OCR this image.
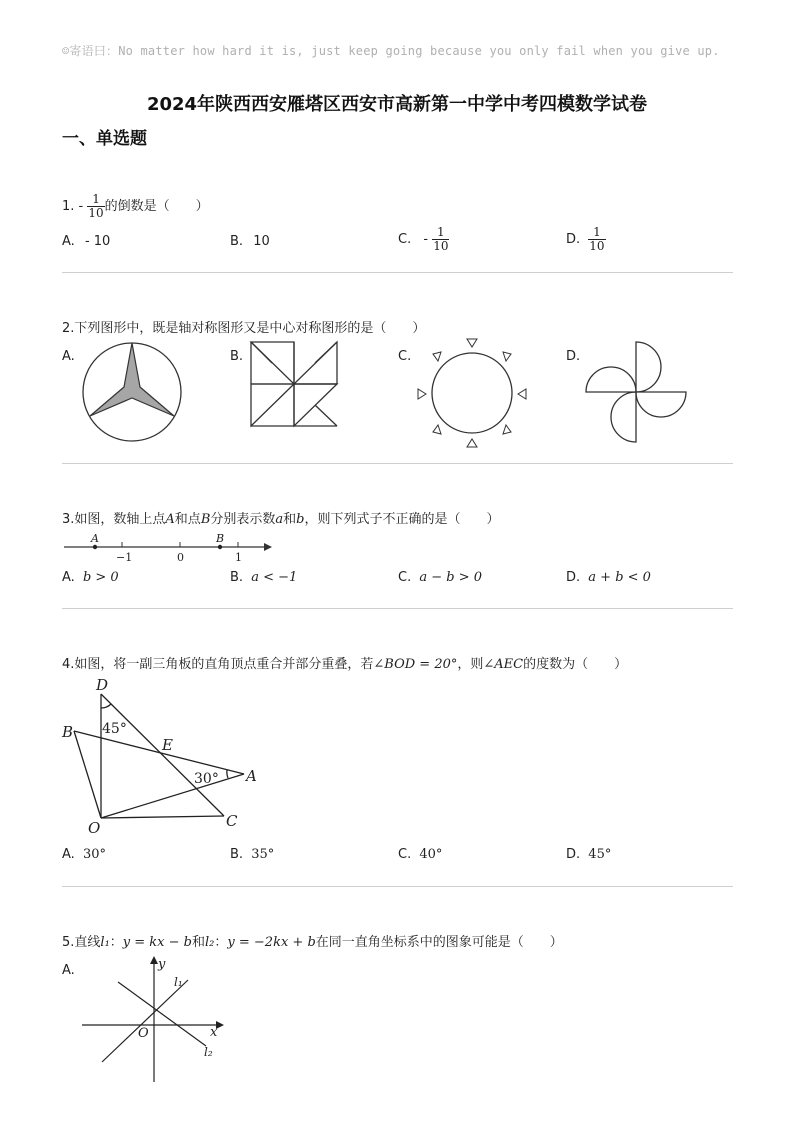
☺寄语曰：No matter how hard it is, just keep going because you only fail when you give up.
2024年陕西西安雁塔区西安市高新第一中学中考四模数学试卷
一、单选题
1. - $\frac{1}{10}$ 的倒数是（　　）
A. - 10	B. 10	C. - $\frac{1}{10}$	D. $\frac{1}{10}$
2.下列图形中，既是轴对称图形又是中心对称图形的是（　　）
A.	B.	C.	D.
3.如图，数轴上点A和点B分别表示数a和b，则下列式子不正确的是（　　）
A	B
−1	0	1
A. b > 0	B. a < −1	C. a − b > 0	D. a + b < 0
4.如图，将一副三角板的直角顶点重合并部分重叠，若∠BOD = 20°，则∠AEC的度数为（　　）
D
B
E
A
O	C
45°
30°
A. 30°	B. 35°	C. 40°	D. 45°
5.直线l₁：y = kx − b和l₂：y = −2kx + b在同一直角坐标系中的图象可能是（　　）
A.	y
x
O
l₁
l₂
